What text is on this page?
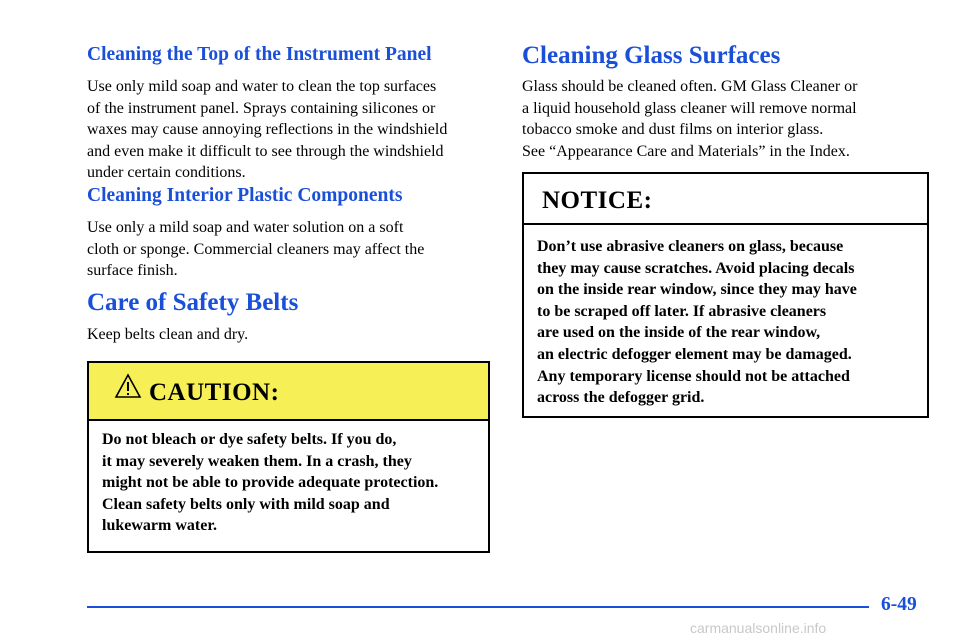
Cleaning the Top of the Instrument Panel
Use only mild soap and water to clean the top surfaces
of the instrument panel. Sprays containing silicones or
waxes may cause annoying reflections in the windshield
and even make it difficult to see through the windshield
under certain conditions.
Cleaning Interior Plastic Components
Use only a mild soap and water solution on a soft
cloth or sponge. Commercial cleaners may affect the
surface finish.
Care of Safety Belts
Keep belts clean and dry.
CAUTION:
Do not bleach or dye safety belts. If you do,
it may severely weaken them. In a crash, they
might not be able to provide adequate protection.
Clean safety belts only with mild soap and
lukewarm water.
Cleaning Glass Surfaces
Glass should be cleaned often. GM Glass Cleaner or
a liquid household glass cleaner will remove normal
tobacco smoke and dust films on interior glass.
See “Appearance Care and Materials” in the Index.
NOTICE:
Don’t use abrasive cleaners on glass, because
they may cause scratches. Avoid placing decals
on the inside rear window, since they may have
to be scraped off later. If abrasive cleaners
are used on the inside of the rear window,
an electric defogger element may be damaged.
Any temporary license should not be attached
across the defogger grid.
6-49
carmanualsonline.info
